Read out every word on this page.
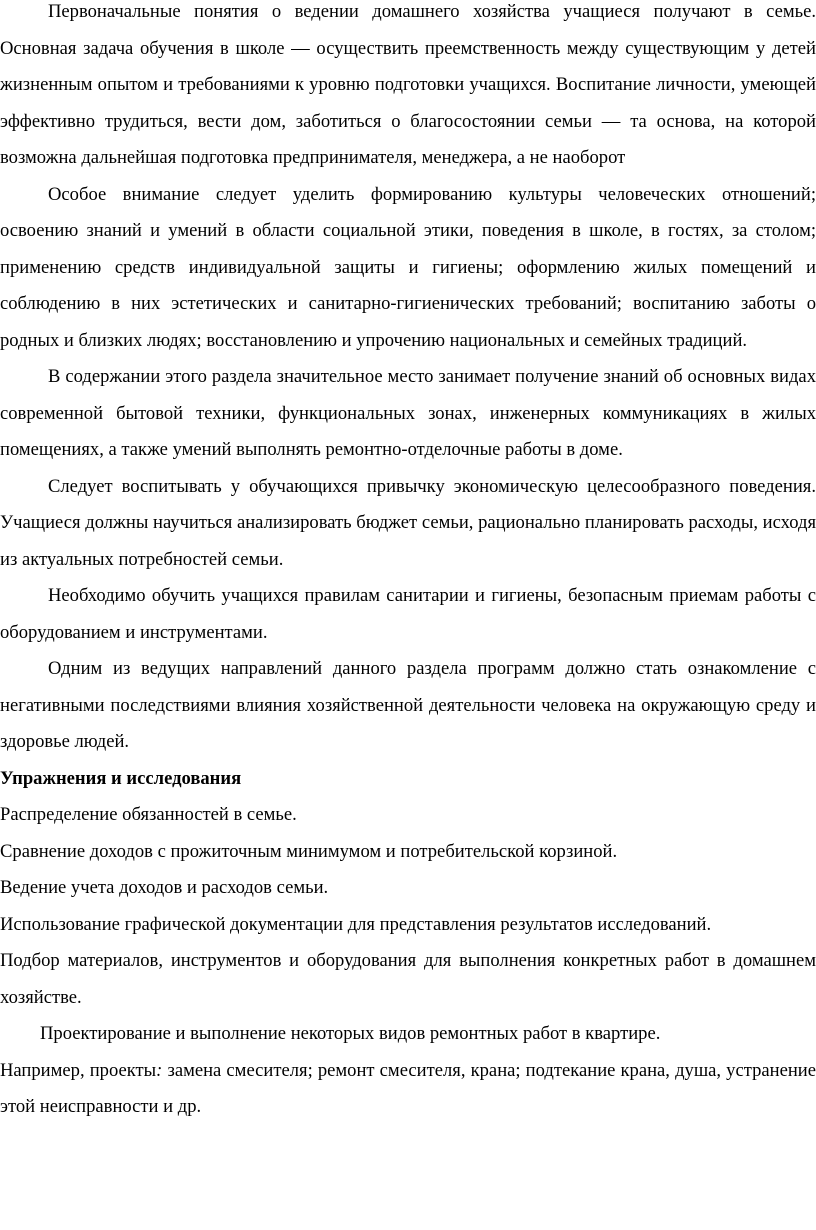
Первоначальные понятия о ведении домашнего хозяйства учащиеся получают в семье. Основная задача обучения в школе — осуществить преемственность между существующим у детей жизненным опытом и требованиями к уровню подготовки учащихся. Воспитание личности, умеющей эффективно трудиться, вести дом, заботиться о благосостоянии семьи — та основа, на которой возможна дальнейшая подготовка предпринимателя, менеджера, а не наоборот

Особое внимание следует уделить формированию культуры человеческих отношений; освоению знаний и умений в области социальной этики, поведения в школе, в гостях, за столом; применению средств индивидуальной защиты и гигиены; оформлению жилых помещений и соблюдению в них эстетических и санитарно-гигиенических требований; воспитанию заботы о родных и близких людях; восстановлению и упрочению национальных и семейных традиций.

В содержании этого раздела значительное место занимает получение знаний об основных видах современной бытовой техники, функциональных зонах, инженерных коммуникациях в жилых помещениях, а также умений выполнять ремонтно-отделочные работы в доме.

Следует воспитывать у обучающихся привычку экономическую целесообразного поведения. Учащиеся должны научиться анализировать бюджет семьи, рационально планировать расходы, исходя из актуальных потребностей семьи.

Необходимо обучить учащихся правилам санитарии и гигиены, безопасным приемам работы с оборудованием и инструментами.

Одним из ведущих направлений данного раздела программ должно стать ознакомление с негативными последствиями влияния хозяйственной деятельности человека на окружающую среду и здоровье людей.

Упражнения и исследования

Распределение обязанностей в семье.

Сравнение доходов с прожиточным минимумом и потребительской корзиной.

Ведение учета доходов и расходов семьи.

Использование графической документации для представления результатов исследований.

Подбор материалов, инструментов и оборудования для выполнения конкретных работ в домашнем хозяйстве.

Проектирование и выполнение некоторых видов ремонтных работ в квартире.

Например, проекты: замена смесителя; ремонт смесителя, крана; подтекание крана, душа, устранение этой неисправности и др.
